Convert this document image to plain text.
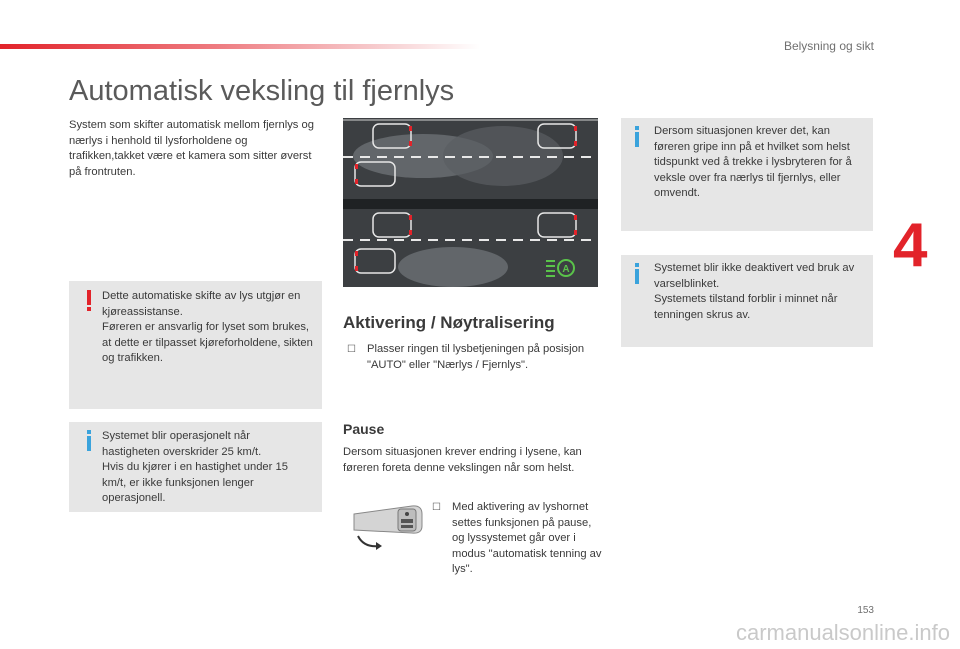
Belysning og sikt
4
Automatisk veksling til fjernlys

System som skifter automatisk mellom fjernlys og nærlys i henhold til lysforholdene og trafikken,takket være et kamera som sitter øverst på frontruten.

Dette automatiske skifte av lys utgjør en kjøreassistanse.
Føreren er ansvarlig for lyset som brukes, at dette er tilpasset kjøreforholdene, sikten og trafikken.
Systemet blir operasjonelt når hastigheten overskrider 25 km/t.
Hvis du kjører i en hastighet under 15 km/t, er ikke funksjonen lenger operasjonell.
A
Aktivering / Nøytralisering
☐ Plasser ringen til lysbetjeningen på posisjon "AUTO" eller "Nærlys / Fjernlys".
Pause

Dersom situasjonen krever endring i lysene, kan føreren foreta denne vekslingen når som helst.

☐ Med aktivering av lyshornet settes funksjonen på pause, og lyssystemet går over i modus "automatisk tenning av lys".
Dersom situasjonen krever det, kan føreren gripe inn på et hvilket som helst tidspunkt ved å trekke i lysbryteren for å veksle over fra nærlys til fjernlys, eller omvendt.
Systemet blir ikke deaktivert ved bruk av varselblinket.
Systemets tilstand forblir i minnet når tenningen skrus av.
153
carmanualsonline.info
